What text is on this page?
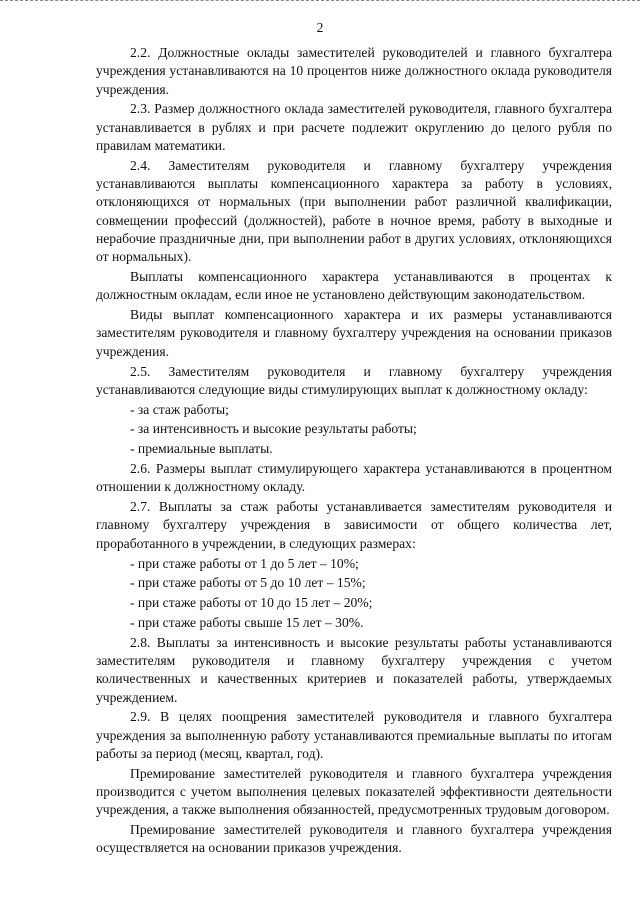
2

2.2. Должностные оклады заместителей руководителей и главного бухгалтера учреждения устанавливаются на 10 процентов ниже должностного оклада руководителя учреждения.

2.3. Размер должностного оклада заместителей руководителя, главного бухгалтера устанавливается в рублях и при расчете подлежит округлению до целого рубля по правилам математики.

2.4. Заместителям руководителя и главному бухгалтеру учреждения устанавливаются выплаты компенсационного характера за работу в условиях, отклоняющихся от нормальных (при выполнении работ различной квалификации, совмещении профессий (должностей), работе в ночное время, работу в выходные и нерабочие праздничные дни, при выполнении работ в других условиях, отклоняющихся от нормальных).

Выплаты компенсационного характера устанавливаются в процентах к должностным окладам, если иное не установлено действующим законодательством.

Виды выплат компенсационного характера и их размеры устанавливаются заместителям руководителя и главному бухгалтеру учреждения на основании приказов учреждения.

2.5. Заместителям руководителя и главному бухгалтеру учреждения устанавливаются следующие виды стимулирующих выплат к должностному окладу:

- за стаж работы;
- за интенсивность и высокие результаты работы;
- премиальные выплаты.

2.6. Размеры выплат стимулирующего характера устанавливаются в процентном отношении к должностному окладу.

2.7. Выплаты за стаж работы устанавливается заместителям руководителя и главному бухгалтеру учреждения в зависимости от общего количества лет, проработанного в учреждении, в следующих размерах:

- при стаже работы от 1 до 5 лет – 10%;
- при стаже работы от 5 до 10 лет – 15%;
- при стаже работы от 10 до 15 лет – 20%;
- при стаже работы свыше 15 лет – 30%.

2.8. Выплаты за интенсивность и высокие результаты работы устанавливаются заместителям руководителя и главному бухгалтеру учреждения с учетом количественных и качественных критериев и показателей работы, утверждаемых учреждением.

2.9. В целях поощрения заместителей руководителя и главного бухгалтера учреждения за выполненную работу устанавливаются премиальные выплаты по итогам работы за период (месяц, квартал, год).

Премирование заместителей руководителя и главного бухгалтера учреждения производится с учетом выполнения целевых показателей эффективности деятельности учреждения, а также выполнения обязанностей, предусмотренных трудовым договором.

Премирование заместителей руководителя и главного бухгалтера учреждения осуществляется на основании приказов учреждения.
